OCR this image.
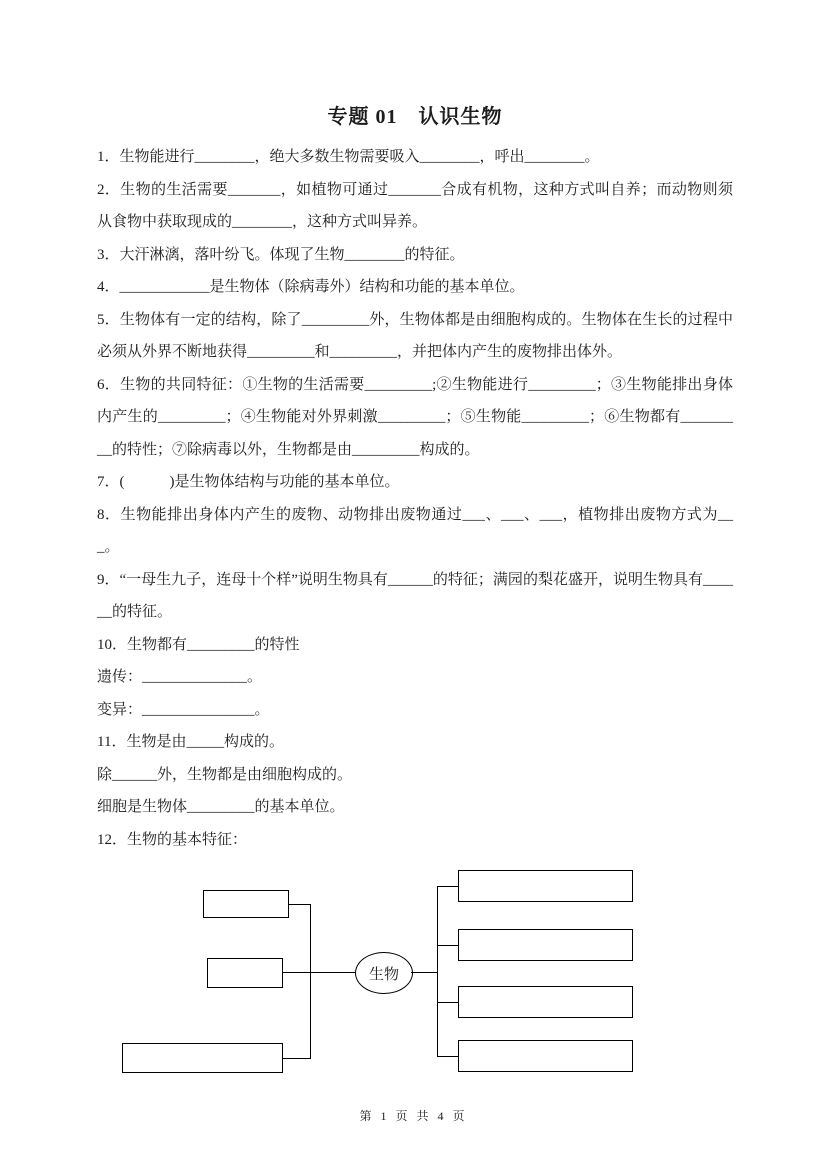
专题 01　认识生物

1．生物能进行________，绝大多数生物需要吸入________，呼出________。

2．生物的生活需要_______，如植物可通过_______合成有机物，这种方式叫自养；而动物则须从食物中获取现成的________，这种方式叫异养。

3．大汗淋漓，落叶纷飞。体现了生物________的特征。

4．____________是生物体（除病毒外）结构和功能的基本单位。

5．生物体有一定的结构，除了_________外，生物体都是由细胞构成的。生物体在生长的过程中必须从外界不断地获得_________和_________，并把体内产生的废物排出体外。

6．生物的共同特征：①生物的生活需要_________;②生物能进行_________；③生物能排出身体内产生的_________；④生物能对外界刺激_________；⑤生物能_________；⑥生物都有_________的特性；⑦除病毒以外，生物都是由_________构成的。

7．(　　　)是生物体结构与功能的基本单位。

8．生物能排出身体内产生的废物、动物排出废物通过___、___、___，植物排出废物方式为___。

9．“一母生九子，连母十个样”说明生物具有______的特征；满园的梨花盛开，说明生物具有______的特征。

10．生物都有_________的特性

遗传：______________。

变异：_______________。

11．生物是由_____构成的。

除______外，生物都是由细胞构成的。

细胞是生物体_________的基本单位。

12．生物的基本特征：

生物
第 1 页 共 4 页
